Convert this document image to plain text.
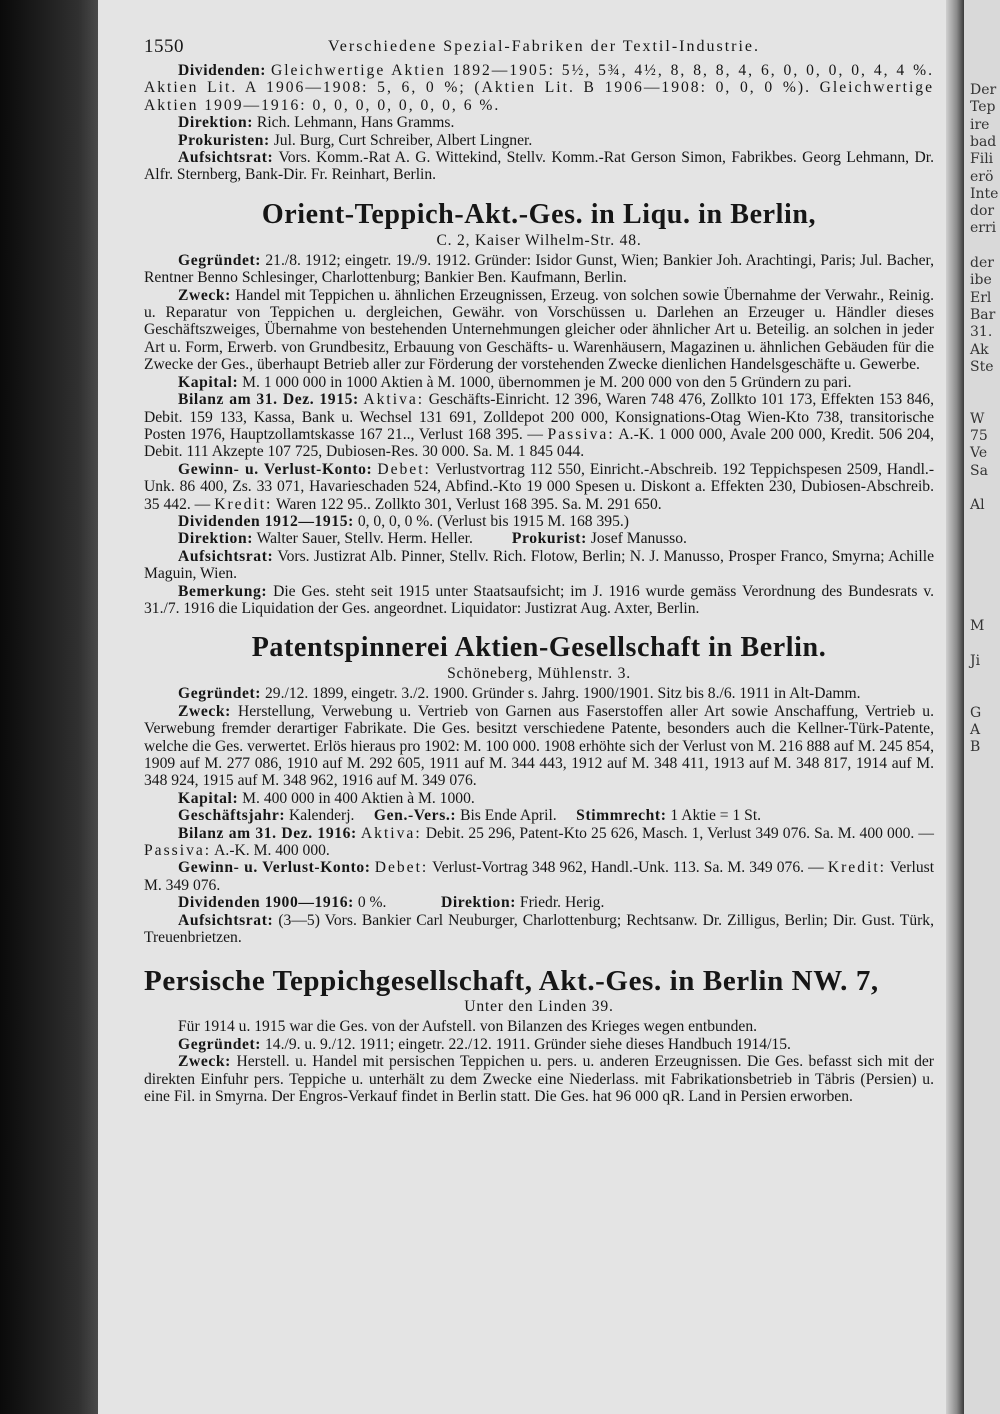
1550	Verschiedene Spezial-Fabriken der Textil-Industrie.

Dividenden: Gleichwertige Aktien 1892—1905: 5½, 5¾, 4½, 8, 8, 8, 4, 6, 0, 0, 0, 0, 4, 4 %. Aktien Lit. A 1906—1908: 5, 6, 0 %; (Aktien Lit. B 1906—1908: 0, 0, 0 %). Gleichwertige Aktien 1909—1916: 0, 0, 0, 0, 0, 0, 0, 6 %.

Direktion: Rich. Lehmann, Hans Gramms.

Prokuristen: Jul. Burg, Curt Schreiber, Albert Lingner.

Aufsichtsrat: Vors. Komm.-Rat A. G. Wittekind, Stellv. Komm.-Rat Gerson Simon, Fabrikbes. Georg Lehmann, Dr. Alfr. Sternberg, Bank-Dir. Fr. Reinhart, Berlin.

Orient-Teppich-Akt.-Ges. in Liqu. in Berlin,
C. 2, Kaiser Wilhelm-Str. 48.

Gegründet: 21./8. 1912; eingetr. 19./9. 1912. Gründer: Isidor Gunst, Wien; Bankier Joh. Arachtingi, Paris; Jul. Bacher, Rentner Benno Schlesinger, Charlottenburg; Bankier Ben. Kaufmann, Berlin.

Zweck: Handel mit Teppichen u. ähnlichen Erzeugnissen, Erzeug. von solchen sowie Übernahme der Verwahr., Reinig. u. Reparatur von Teppichen u. dergleichen, Gewähr. von Vorschüssen u. Darlehen an Erzeuger u. Händler dieses Geschäftszweiges, Übernahme von bestehenden Unternehmungen gleicher oder ähnlicher Art u. Beteilig. an solchen in jeder Art u. Form, Erwerb. von Grundbesitz, Erbauung von Geschäfts- u. Warenhäusern, Magazinen u. ähnlichen Gebäuden für die Zwecke der Ges., überhaupt Betrieb aller zur Förderung der vorstehenden Zwecke dienlichen Handelsgeschäfte u. Gewerbe.

Kapital: M. 1 000 000 in 1000 Aktien à M. 1000, übernommen je M. 200 000 von den 5 Gründern zu pari.

Bilanz am 31. Dez. 1915: Aktiva: Geschäfts-Einricht. 12 396, Waren 748 476, Zollkto 101 173, Effekten 153 846, Debit. 159 133, Kassa, Bank u. Wechsel 131 691, Zolldepot 200 000, Konsignations-Otag Wien-Kto 738, transitorische Posten 1976, Hauptzollamtskasse 167 21.., Verlust 168 395. — Passiva: A.-K. 1 000 000, Avale 200 000, Kredit. 506 204, Debit. 111 Akzepte 107 725, Dubiosen-Res. 30 000. Sa. M. 1 845 044.

Gewinn- u. Verlust-Konto: Debet: Verlustvortrag 112 550, Einricht.-Abschreib. 192 Teppichspesen 2509, Handl.-Unk. 86 400, Zs. 33 071, Havarieschaden 524, Abfind.-Kto 19 000 Spesen u. Diskont a. Effekten 230, Dubiosen-Abschreib. 35 442. — Kredit: Waren 122 95.. Zollkto 301, Verlust 168 395. Sa. M. 291 650.

Dividenden 1912—1915: 0, 0, 0, 0 %. (Verlust bis 1915 M. 168 395.)

Direktion: Walter Sauer, Stellv. Herm. Heller. Prokurist: Josef Manusso.

Aufsichtsrat: Vors. Justizrat Alb. Pinner, Stellv. Rich. Flotow, Berlin; N. J. Manusso, Prosper Franco, Smyrna; Achille Maguin, Wien.

Bemerkung: Die Ges. steht seit 1915 unter Staatsaufsicht; im J. 1916 wurde gemäss Verordnung des Bundesrats v. 31./7. 1916 die Liquidation der Ges. angeordnet. Liquidator: Justizrat Aug. Axter, Berlin.

Patentspinnerei Aktien-Gesellschaft in Berlin.
Schöneberg, Mühlenstr. 3.

Gegründet: 29./12. 1899, eingetr. 3./2. 1900. Gründer s. Jahrg. 1900/1901. Sitz bis 8./6. 1911 in Alt-Damm.

Zweck: Herstellung, Verwebung u. Vertrieb von Garnen aus Faserstoffen aller Art sowie Anschaffung, Vertrieb u. Verwebung fremder derartiger Fabrikate. Die Ges. besitzt verschiedene Patente, besonders auch die Kellner-Türk-Patente, welche die Ges. verwertet. Erlös hieraus pro 1902: M. 100 000. 1908 erhöhte sich der Verlust von M. 216 888 auf M. 245 854, 1909 auf M. 277 086, 1910 auf M. 292 605, 1911 auf M. 344 443, 1912 auf M. 348 411, 1913 auf M. 348 817, 1914 auf M. 348 924, 1915 auf M. 348 962, 1916 auf M. 349 076.

Kapital: M. 400 000 in 400 Aktien à M. 1000.

Geschäftsjahr: Kalenderj. Gen.-Vers.: Bis Ende April. Stimmrecht: 1 Aktie = 1 St.

Bilanz am 31. Dez. 1916: Aktiva: Debit. 25 296, Patent-Kto 25 626, Masch. 1, Verlust 349 076. Sa. M. 400 000. — Passiva: A.-K. M. 400 000.

Gewinn- u. Verlust-Konto: Debet: Verlust-Vortrag 348 962, Handl.-Unk. 113. Sa. M. 349 076. — Kredit: Verlust M. 349 076.

Dividenden 1900—1916: 0 %.	Direktion: Friedr. Herig.

Aufsichtsrat: (3—5) Vors. Bankier Carl Neuburger, Charlottenburg; Rechtsanw. Dr. Zilligus, Berlin; Dir. Gust. Türk, Treuenbrietzen.

Persische Teppichgesellschaft, Akt.-Ges. in Berlin NW. 7,
Unter den Linden 39.

Für 1914 u. 1915 war die Ges. von der Aufstell. von Bilanzen des Krieges wegen entbunden.

Gegründet: 14./9. u. 9./12. 1911; eingetr. 22./12. 1911. Gründer siehe dieses Handbuch 1914/15.

Zweck: Herstell. u. Handel mit persischen Teppichen u. pers. u. anderen Erzeugnissen. Die Ges. befasst sich mit der direkten Einfuhr pers. Teppiche u. unterhält zu dem Zwecke eine Niederlass. mit Fabrikationsbetrieb in Täbris (Persien) u. eine Fil. in Smyrna. Der Engros-Verkauf findet in Berlin statt. Die Ges. hat 96 000 qR. Land in Persien erworben.

Der
Tep
ire
bad
Fili
erö
Inte
dor
erri
der
ibe
Erl
Bar
31.
Ak
Ste
W
75
Ve
Sa
Al
M
Ji
G
A
B
